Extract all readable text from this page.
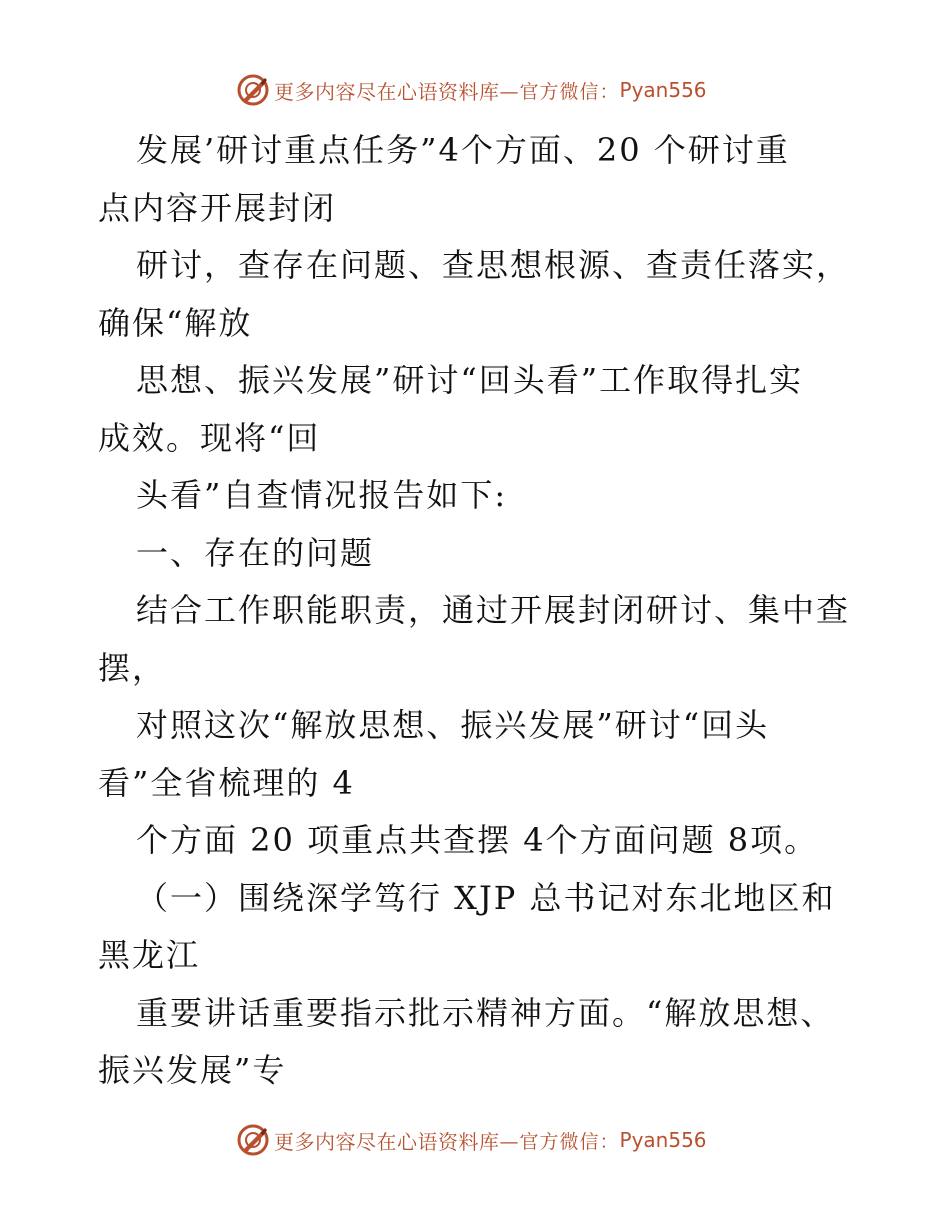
更多内容尽在心语资料库 —官方微信： Pyan556
发展’研讨重点任务”4个方面、20 个研讨重
点内容开展封闭
研讨，查存在问题、查思想根源、查责任落实，
确保“解放
思想、振兴发展”研讨“回头看”工作取得扎实
成效。现将“回
头看”自查情况报告如下:
一、存在的问题
结合工作职能职责，通过开展封闭研讨、集中查
摆，
对照这次“解放思想、振兴发展”研讨“回头
看”全省梳理的 4
个方面 20 项重点共查摆 4个方面问题 8项。
（一）围绕深学笃行 XJP 总书记对东北地区和
黑龙江
重要讲话重要指示批示精神方面。“解放思想、
振兴发展”专
更多内容尽在心语资料库 —官方微信： Pyan556
